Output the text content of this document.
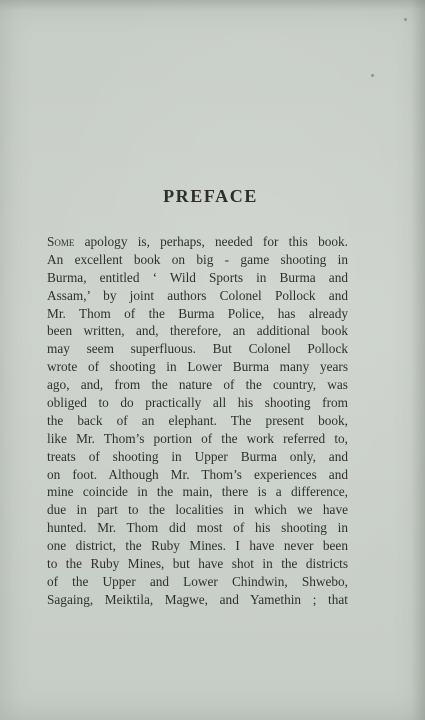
PREFACE
Some apology is, perhaps, needed for this book.
An excellent book on big - game shooting in
Burma, entitled ‘ Wild Sports in Burma and
Assam,’ by joint authors Colonel Pollock and
Mr. Thom of the Burma Police, has already
been written, and, therefore, an additional book
may seem superfluous. But Colonel Pollock
wrote of shooting in Lower Burma many years
ago, and, from the nature of the country, was
obliged to do practically all his shooting from
the back of an elephant. The present book,
like Mr. Thom’s portion of the work referred to,
treats of shooting in Upper Burma only, and
on foot. Although Mr. Thom’s experiences and
mine coincide in the main, there is a difference,
due in part to the localities in which we have
hunted. Mr. Thom did most of his shooting in
one district, the Ruby Mines. I have never been
to the Ruby Mines, but have shot in the districts
of the Upper and Lower Chindwin, Shwebo,
Sagaing, Meiktila, Magwe, and Yamethin ; that
